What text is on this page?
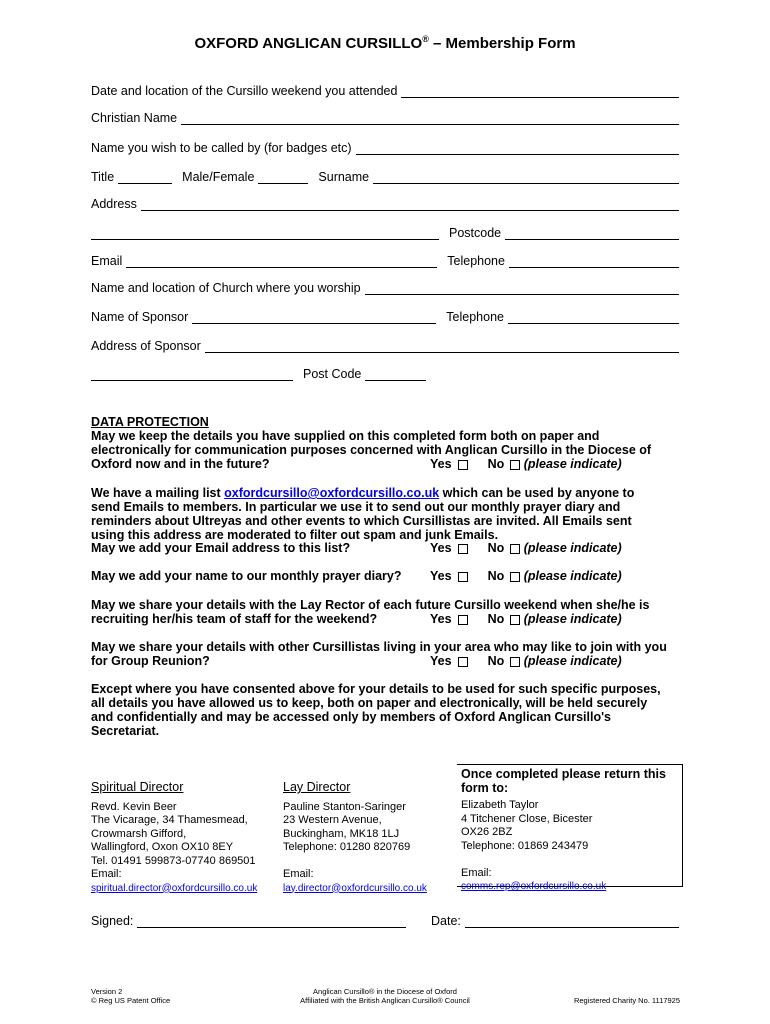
OXFORD ANGLICAN CURSILLO® – Membership Form
Date and location of the Cursillo weekend you attended
Christian Name
Name you wish to be called by (for badges etc)
Title	Male/Female	Surname
Address
Postcode
Email	Telephone
Name and location of Church where you worship
Name of Sponsor	Telephone
Address of Sponsor
Post Code
DATA PROTECTION
May we keep the details you have supplied on this completed form both on paper and electronically for communication purposes concerned with Anglican Cursillo in the Diocese of Oxford now and in the future?	Yes	No (please indicate)
We have a mailing list oxfordcursillo@oxfordcursillo.co.uk which can be used by anyone to send Emails to members. In particular we use it to send out our monthly prayer diary and reminders about Ultreyas and other events to which Cursillistas are invited. All Emails sent using this address are moderated to filter out spam and junk Emails.
May we add your Email address to this list?	Yes	No (please indicate)
May we add your name to our monthly prayer diary?	Yes	No (please indicate)
May we share your details with the Lay Rector of each future Cursillo weekend when she/he is recruiting her/his team of staff for the weekend?	Yes	No (please indicate)
May we share your details with other Cursillistas living in your area who may like to join with you for Group Reunion?	Yes	No (please indicate)
Except where you have consented above for your details to be used for such specific purposes, all details you have allowed us to keep, both on paper and electronically, will be held securely and confidentially and may be accessed only by members of Oxford Anglican Cursillo's Secretariat.
Spiritual Director
Revd. Kevin Beer
The Vicarage, 34 Thamesmead,
Crowmarsh Gifford,
Wallingford, Oxon OX10 8EY
Tel. 01491 599873-07740 869501
Email:
spiritual.director@oxfordcursillo.co.uk
Lay Director
Pauline Stanton-Saringer
23 Western Avenue,
Buckingham, MK18 1LJ
Telephone: 01280 820769
Email:
lay.director@oxfordcursillo.co.uk
Once completed please return this form to:
Elizabeth Taylor
4 Titchener Close, Bicester
OX26 2BZ
Telephone: 01869 243479
Email:
comms.rep@oxfordcursillo.co.uk
Signed:	Date:
Version 2
© Reg US Patent Office
Anglican Cursillo® in the Diocese of Oxford
Affiliated with the British Anglican Cursillo® Council	Registered Charity No. 1117925
